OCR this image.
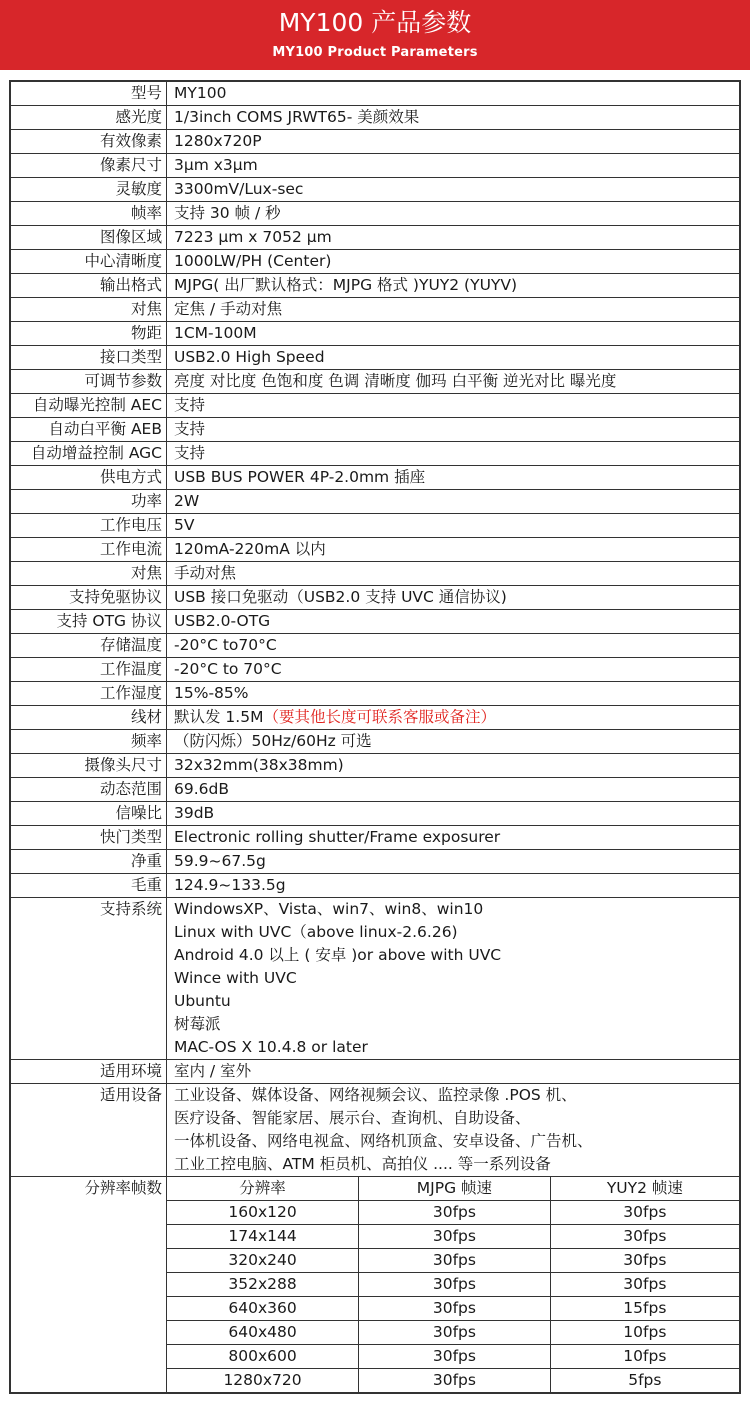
MY100 产品参数
MY100 Product Parameters
型号 MY100
感光度 1/3inch COMS JRWT65- 美颜效果
有效像素 1280x720P
像素尺寸 3μm x3μm
灵敏度 3300mV/Lux-sec
帧率 支持 30 帧 / 秒
图像区域 7223 μm x 7052 μm
中心清晰度 1000LW/PH (Center)
输出格式 MJPG( 出厂默认格式：MJPG 格式 )YUY2 (YUYV)
对焦 定焦 / 手动对焦
物距 1CM-100M
接口类型 USB2.0 High Speed
可调节参数 亮度 对比度 色饱和度 色调 清晰度 伽玛 白平衡 逆光对比 曝光度
自动曝光控制 AEC 支持
自动白平衡 AEB 支持
自动增益控制 AGC 支持
供电方式 USB BUS POWER 4P-2.0mm 插座
功率 2W
工作电压 5V
工作电流 120mA-220mA 以内
对焦 手动对焦
支持免驱协议 USB 接口免驱动（USB2.0 支持 UVC 通信协议)
支持 OTG 协议 USB2.0-OTG
存储温度 -20°C to70°C
工作温度 -20°C to 70°C
工作湿度 15%-85%
线材 默认发 1.5M（要其他长度可联系客服或备注）
频率 （防闪烁）50Hz/60Hz 可选
摄像头尺寸 32x32mm(38x38mm)
动态范围 69.6dB
信噪比 39dB
快门类型 Electronic rolling shutter/Frame exposurer
净重 59.9~67.5g
毛重 124.9~133.5g
支持系统 WindowsXP、Vista、win7、win8、win10
Linux with UVC（above linux-2.6.26)
Android 4.0 以上 ( 安卓 )or above with UVC
Wince with UVC
Ubuntu
树莓派
MAC-OS X 10.4.8 or later
适用环境 室内 / 室外
适用设备 工业设备、媒体设备、网络视频会议、监控录像 .POS 机、
医疗设备、智能家居、展示台、查询机、自助设备、
一体机设备、网络电视盒、网络机顶盒、安卓设备、广告机、
工业工控电脑、ATM 柜员机、高拍仪 .... 等一系列设备
分辨率帧数	分辨率	MJPG 帧速	YUY2 帧速
160x120	30fps	30fps
174x144	30fps	30fps
320x240	30fps	30fps
352x288	30fps	30fps
640x360	30fps	15fps
640x480	30fps	10fps
800x600	30fps	10fps
1280x720	30fps	5fps
